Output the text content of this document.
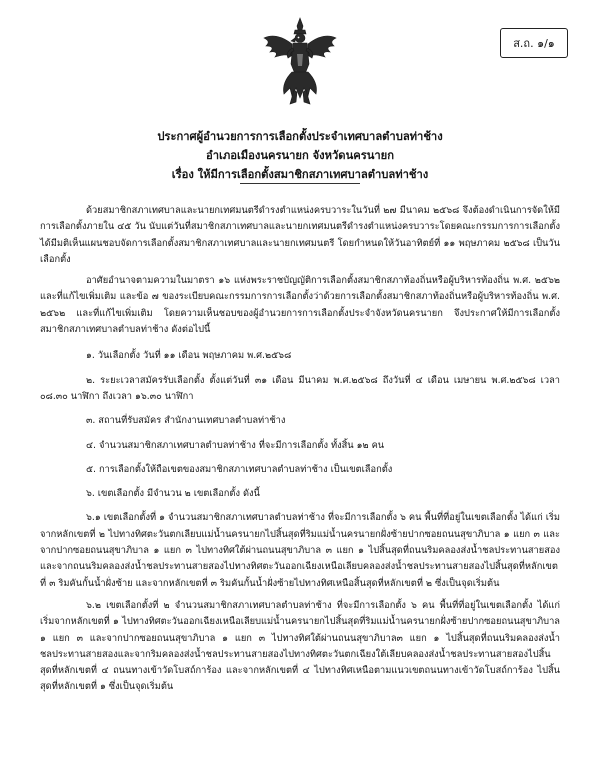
ส.ถ. ๑/๑
ประกาศผู้อำนวยการการเลือกตั้งประจำเทศบาลตำบลท่าช้าง
อำเภอเมืองนครนายก จังหวัดนครนายก
เรื่อง ให้มีการเลือกตั้งสมาชิกสภาเทศบาลตำบลท่าช้าง

ด้วยสมาชิกสภาเทศบาลและนายกเทศมนตรีดำรงตำแหน่งครบวาระในวันที่ ๒๗ มีนาคม ๒๕๖๘ จึงต้องดำเนินการจัดให้มีการเลือกตั้งภายใน ๔๕ วัน นับแต่วันที่สมาชิกสภาเทศบาลและนายกเทศมนตรีดำรงตำแหน่งครบวาระโดยคณะกรรมการการเลือกตั้งได้มีมติเห็นแผนชอบจัดการเลือกตั้งสมาชิกสภาเทศบาลและนายกเทศมนตรี โดยกำหนดให้วันอาทิตย์ที่ ๑๑ พฤษภาคม ๒๕๖๘ เป็นวันเลือกตั้ง

อาศัยอำนาจตามความในมาตรา ๑๖ แห่งพระราชบัญญัติการเลือกตั้งสมาชิกสภาท้องถิ่นหรือผู้บริหารท้องถิ่น พ.ศ. ๒๕๖๒ และที่แก้ไขเพิ่มเติม และข้อ ๗ ของระเบียบคณะกรรมการการเลือกตั้งว่าด้วยการเลือกตั้งสมาชิกสภาท้องถิ่นหรือผู้บริหารท้องถิ่น พ.ศ. ๒๕๖๒ และที่แก้ไขเพิ่มเติม โดยความเห็นชอบของผู้อำนวยการการเลือกตั้งประจำจังหวัดนครนายก จึงประกาศให้มีการเลือกตั้งสมาชิกสภาเทศบาลตำบลท่าช้าง ดังต่อไปนี้

๑. วันเลือกตั้ง วันที่ ๑๑ เดือน พฤษภาคม พ.ศ.๒๕๖๘

๒. ระยะเวลาสมัครรับเลือกตั้ง ตั้งแต่วันที่ ๓๑ เดือน มีนาคม พ.ศ.๒๕๖๘ ถึงวันที่ ๔ เดือน เมษายน พ.ศ.๒๕๖๘ เวลา ๐๘.๓๐ นาฬิกา ถึงเวลา ๑๖.๓๐ นาฬิกา

๓. สถานที่รับสมัคร สำนักงานเทศบาลตำบลท่าช้าง

๔. จำนวนสมาชิกสภาเทศบาลตำบลท่าช้าง ที่จะมีการเลือกตั้ง ทั้งสิ้น ๑๒ คน

๕. การเลือกตั้งให้ถือเขตของสมาชิกสภาเทศบาลตำบลท่าช้าง เป็นเขตเลือกตั้ง

๖. เขตเลือกตั้ง มีจำนวน ๒ เขตเลือกตั้ง ดังนี้

๖.๑ เขตเลือกตั้งที่ ๑ จำนวนสมาชิกสภาเทศบาลตำบลท่าช้าง ที่จะมีการเลือกตั้ง ๖ คน พื้นที่ที่อยู่ในเขตเลือกตั้ง ได้แก่ เริ่มจากหลักเขตที่ ๒ ไปทางทิศตะวันตกเลียบแม่น้ำนครนายกไปสิ้นสุดที่ริมแม่น้ำนครนายกฝั่งซ้ายปากซอยถนนสุขาภิบาล ๑ แยก ๓ และจากปากซอยถนนสุขาภิบาล ๑ แยก ๓ ไปทางทิศใต้ผ่านถนนสุขาภิบาล ๓ แยก ๑ ไปสิ้นสุดที่ถนนริมคลองส่งน้ำชลประทานสายสอง และจากถนนริมคลองส่งน้ำชลประทานสายสองไปทางทิศตะวันออกเฉียงเหนือเลียบคลองส่งน้ำชลประทานสายสองไปสิ้นสุดที่หลักเขตที่ ๓ ริมคันกั้นน้ำฝั่งซ้าย และจากหลักเขตที่ ๓ ริมคันกั้นน้ำฝั่งซ้ายไปทางทิศเหนือสิ้นสุดที่หลักเขตที่ ๒ ซึ่งเป็นจุดเริ่มต้น

๖.๒ เขตเลือกตั้งที่ ๒ จำนวนสมาชิกสภาเทศบาลตำบลท่าช้าง ที่จะมีการเลือกตั้ง ๖ คน พื้นที่ที่อยู่ในเขตเลือกตั้ง ได้แก่ เริ่มจากหลักเขตที่ ๑ ไปทางทิศตะวันออกเฉียงเหนือเลียบแม่น้ำนครนายกไปสิ้นสุดที่ริมแม่น้ำนครนายกฝั่งซ้ายปากซอยถนนสุขาภิบาล ๑ แยก ๓ และจากปากซอยถนนสุขาภิบาล ๑ แยก ๓ ไปทางทิศใต้ผ่านถนนสุขาภิบาล๓ แยก ๑ ไปสิ้นสุดที่ถนนริมคลองส่งน้ำชลประทานสายสองและจากริมคลองส่งน้ำชลประทานสายสองไปทางทิศตะวันตกเฉียงใต้เลียบคลองส่งน้ำชลประทานสายสองไปสิ้นสุดที่หลักเขตที่ ๔ ถนนทางเข้าวัดโบสถ์การ้อง และจากหลักเขตที่ ๔ ไปทางทิศเหนือตามแนวเขตถนนทางเข้าวัดโบสถ์การ้อง ไปสิ้นสุดที่หลักเขตที่ ๑ ซึ่งเป็นจุดเริ่มต้น
